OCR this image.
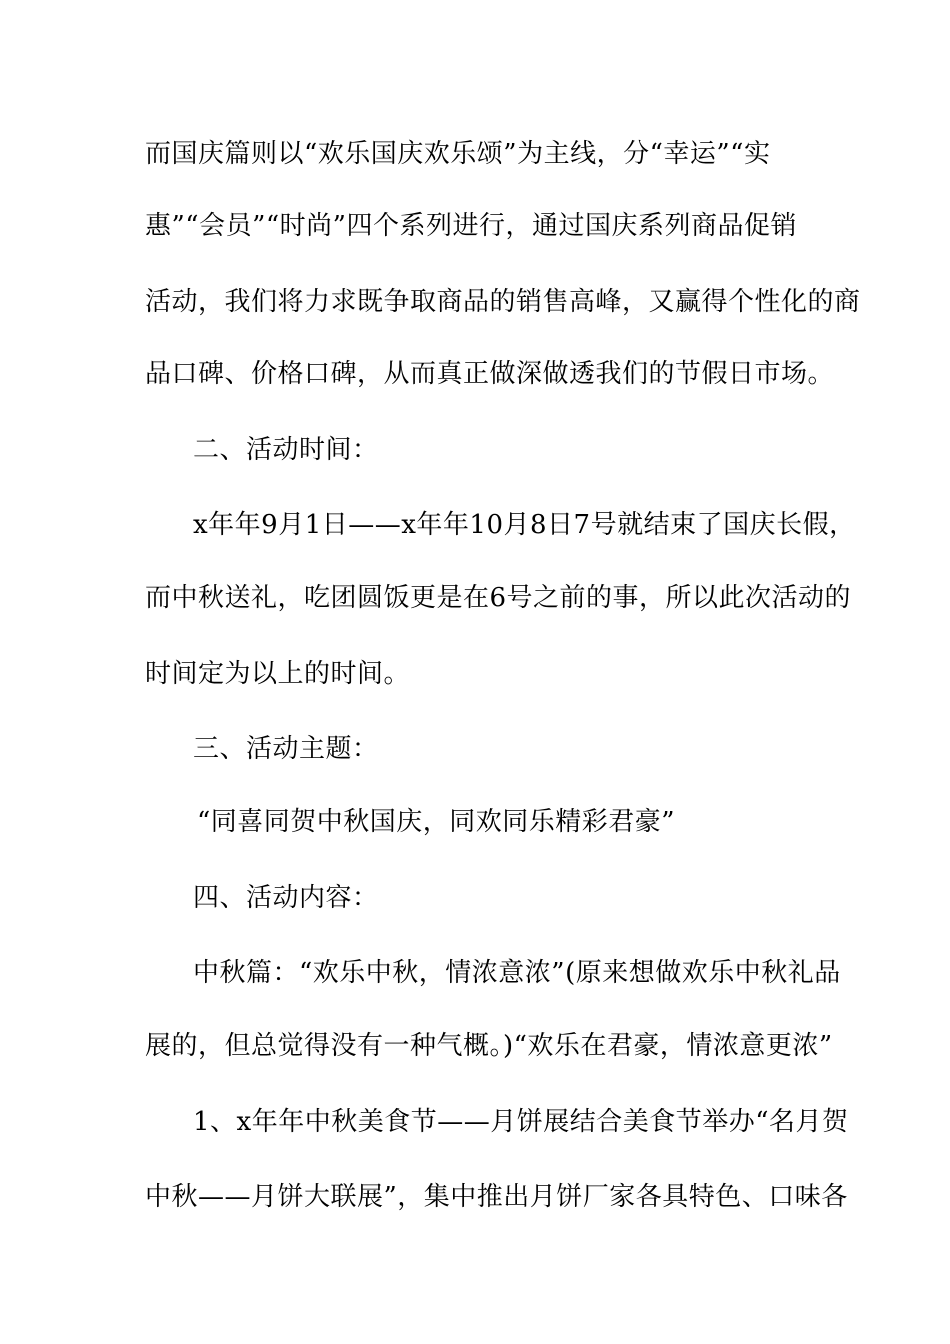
而国庆篇则以“欢乐国庆欢乐颂”为主线，分“幸运”“实
惠”“会员”“时尚”四个系列进行，通过国庆系列商品促销
活动，我们将力求既争取商品的销售高峰，又赢得个性化的商
品口碑、价格口碑，从而真正做深做透我们的节假日市场。
二、活动时间：
x年年9月1日——x年年10月8日7号就结束了国庆长假，
而中秋送礼，吃团圆饭更是在6号之前的事，所以此次活动的
时间定为以上的时间。
三、活动主题：
“同喜同贺中秋国庆，同欢同乐精彩君豪”
四、活动内容：
中秋篇：“欢乐中秋，情浓意浓”(原来想做欢乐中秋礼品
展的，但总觉得没有一种气概。)“欢乐在君豪，情浓意更浓”
1、x年年中秋美食节——月饼展结合美食节举办“名月贺
中秋——月饼大联展”，集中推出月饼厂家各具特色、口味各
